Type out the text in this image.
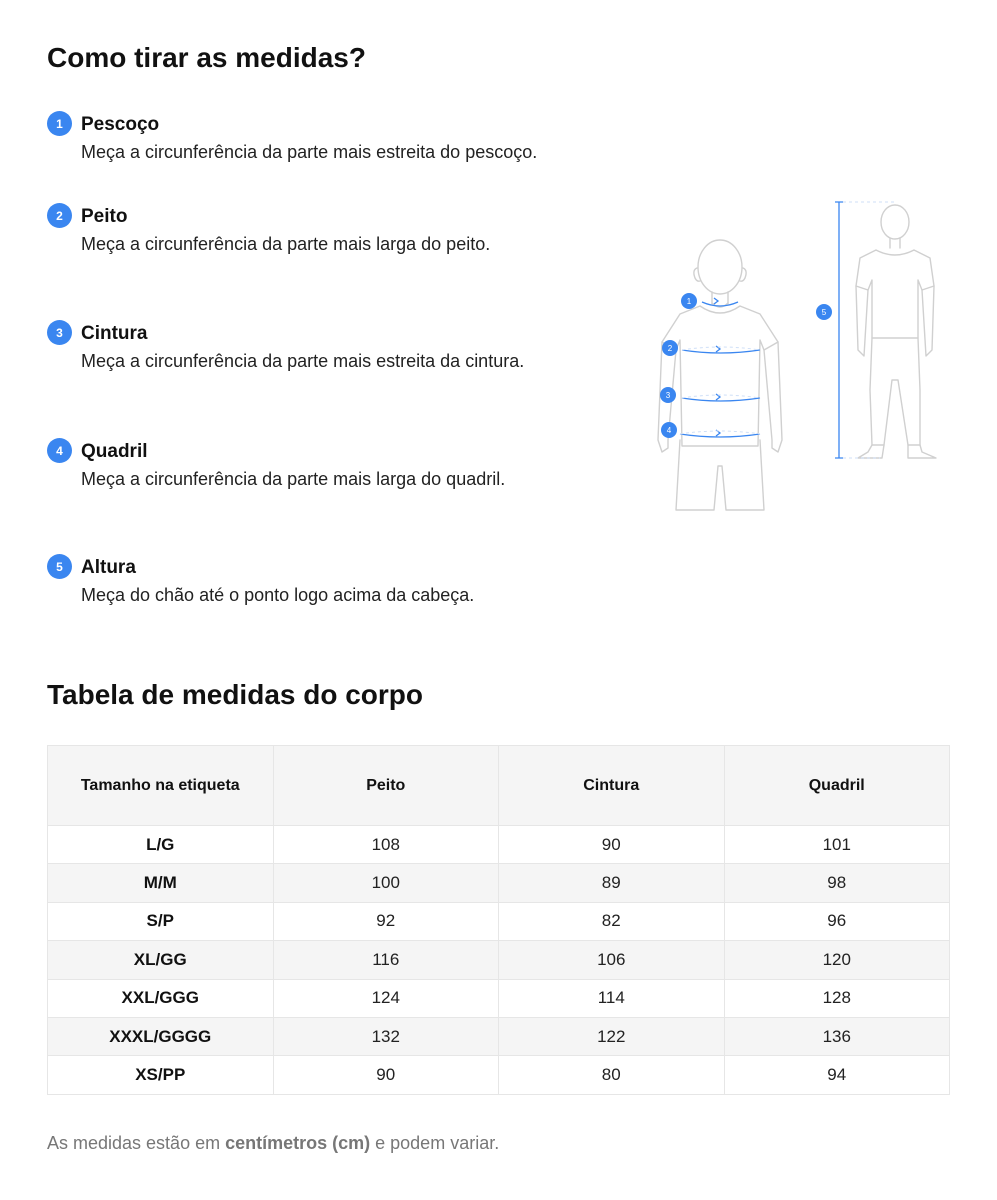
Como tirar as medidas?
1 Pescoço
Meça a circunferência da parte mais estreita do pescoço.
2 Peito
Meça a circunferência da parte mais larga do peito.
3 Cintura
Meça a circunferência da parte mais estreita da cintura.
4 Quadril
Meça a circunferência da parte mais larga do quadril.
5 Altura
Meça do chão até o ponto logo acima da cabeça.
1
2
3
4
5
Tabela de medidas do corpo
Tamanho na etiqueta	Peito	Cintura	Quadril
L/G	108	90	101
M/M	100	89	98
S/P	92	82	96
XL/GG	116	106	120
XXL/GGG	124	114	128
XXXL/GGGG	132	122	136
XS/PP	90	80	94
As medidas estão em centímetros (cm) e podem variar.
